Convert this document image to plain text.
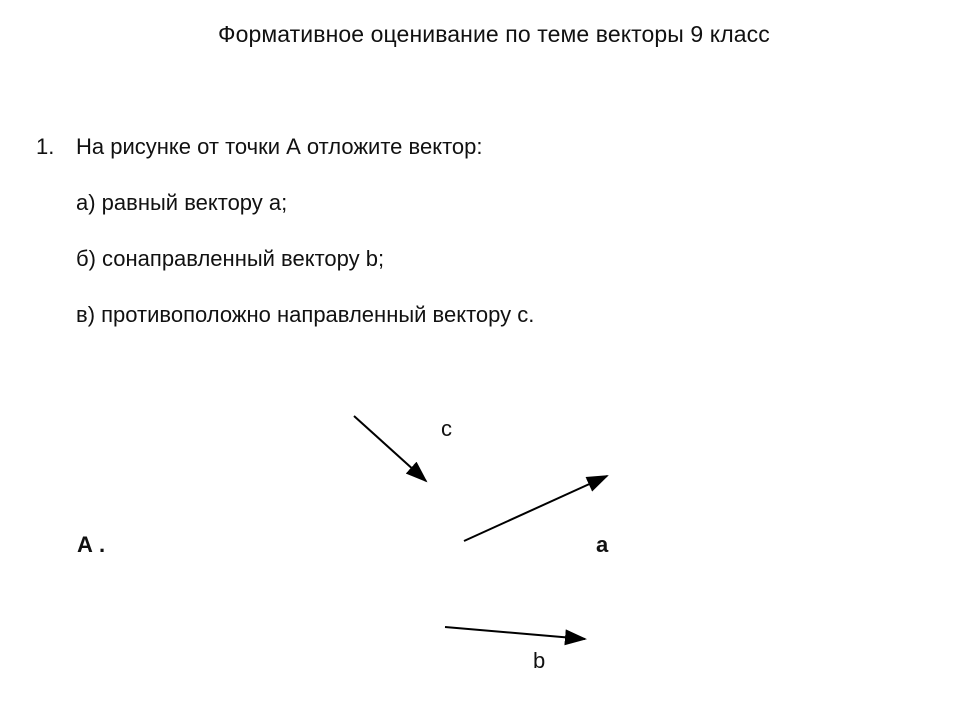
Формативное оценивание по теме векторы 9 класс
1. На рисунке от точки А отложите вектор:
а) равный вектору а;
б) сонаправленный вектору b;
в) противоположно направленный вектору с.
А .	а
b
с
